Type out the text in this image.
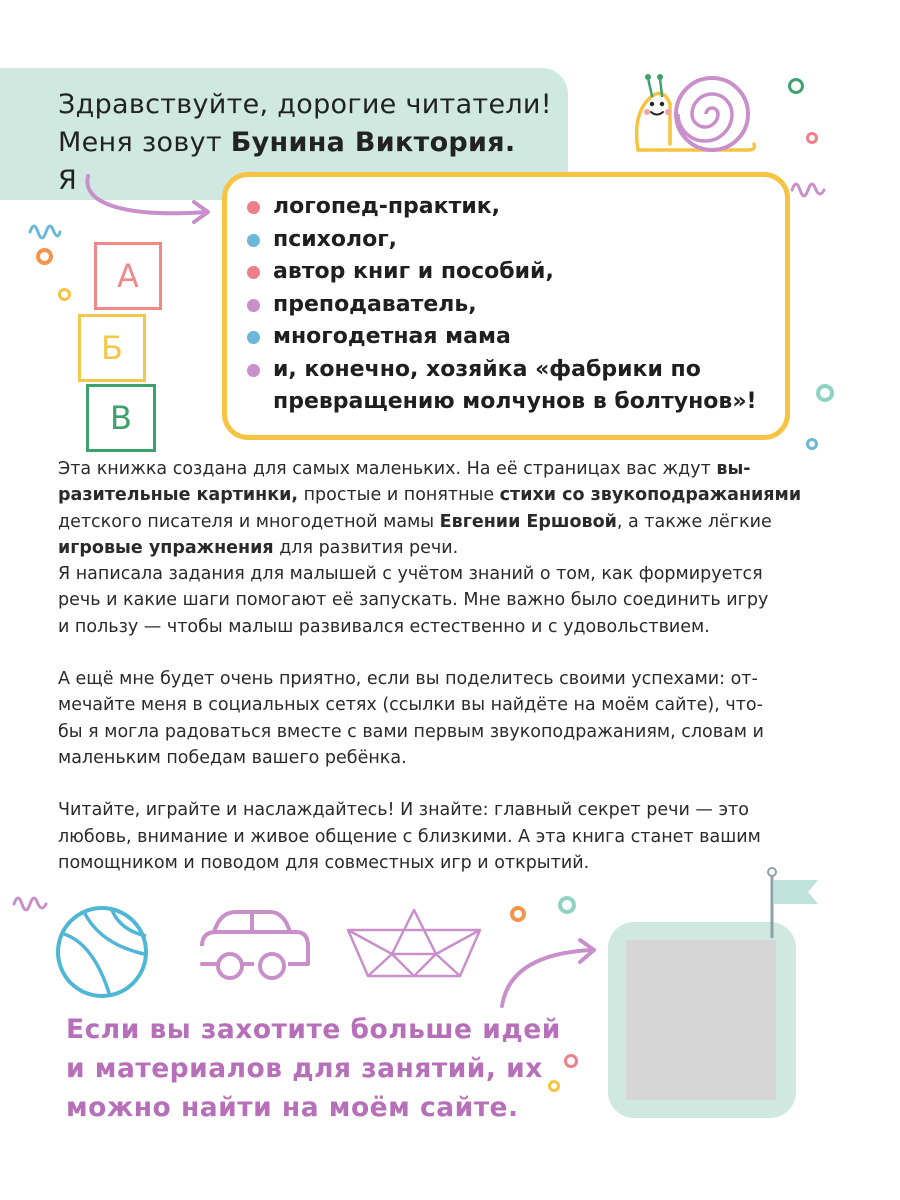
Здравствуйте, дорогие читатели!
Меня зовут Бунина Виктория.
Я
А
Б
В
логопед-практик,
психолог,
автор книг и пособий,
преподаватель,
многодетная мама
и, конечно, хозяйка «фабрики по
превращению молчунов в болтунов»!

Эта книжка создана для самых маленьких. На её страницах вас ждут вы-
разительные картинки, простые и понятные стихи со звукоподражаниями
детского писателя и многодетной мамы Евгении Ершовой, а также лёгкие
игровые упражнения для развития речи.

Я написала задания для малышей с учётом знаний о том, как формируется
речь и какие шаги помогают её запускать. Мне важно было соединить игру
и пользу — чтобы малыш развивался естественно и с удовольствием.

А ещё мне будет очень приятно, если вы поделитесь своими успехами: от-
мечайте меня в социальных сетях (ссылки вы найдёте на моём сайте), что-
бы я могла радоваться вместе с вами первым звукоподражаниям, словам и
маленьким победам вашего ребёнка.

Читайте, играйте и наслаждайтесь! И знайте: главный секрет речи — это
любовь, внимание и живое общение с близкими. А эта книга станет вашим
помощником и поводом для совместных игр и открытий.

Если вы захотите больше идей
и материалов для занятий, их
можно найти на моём сайте.
